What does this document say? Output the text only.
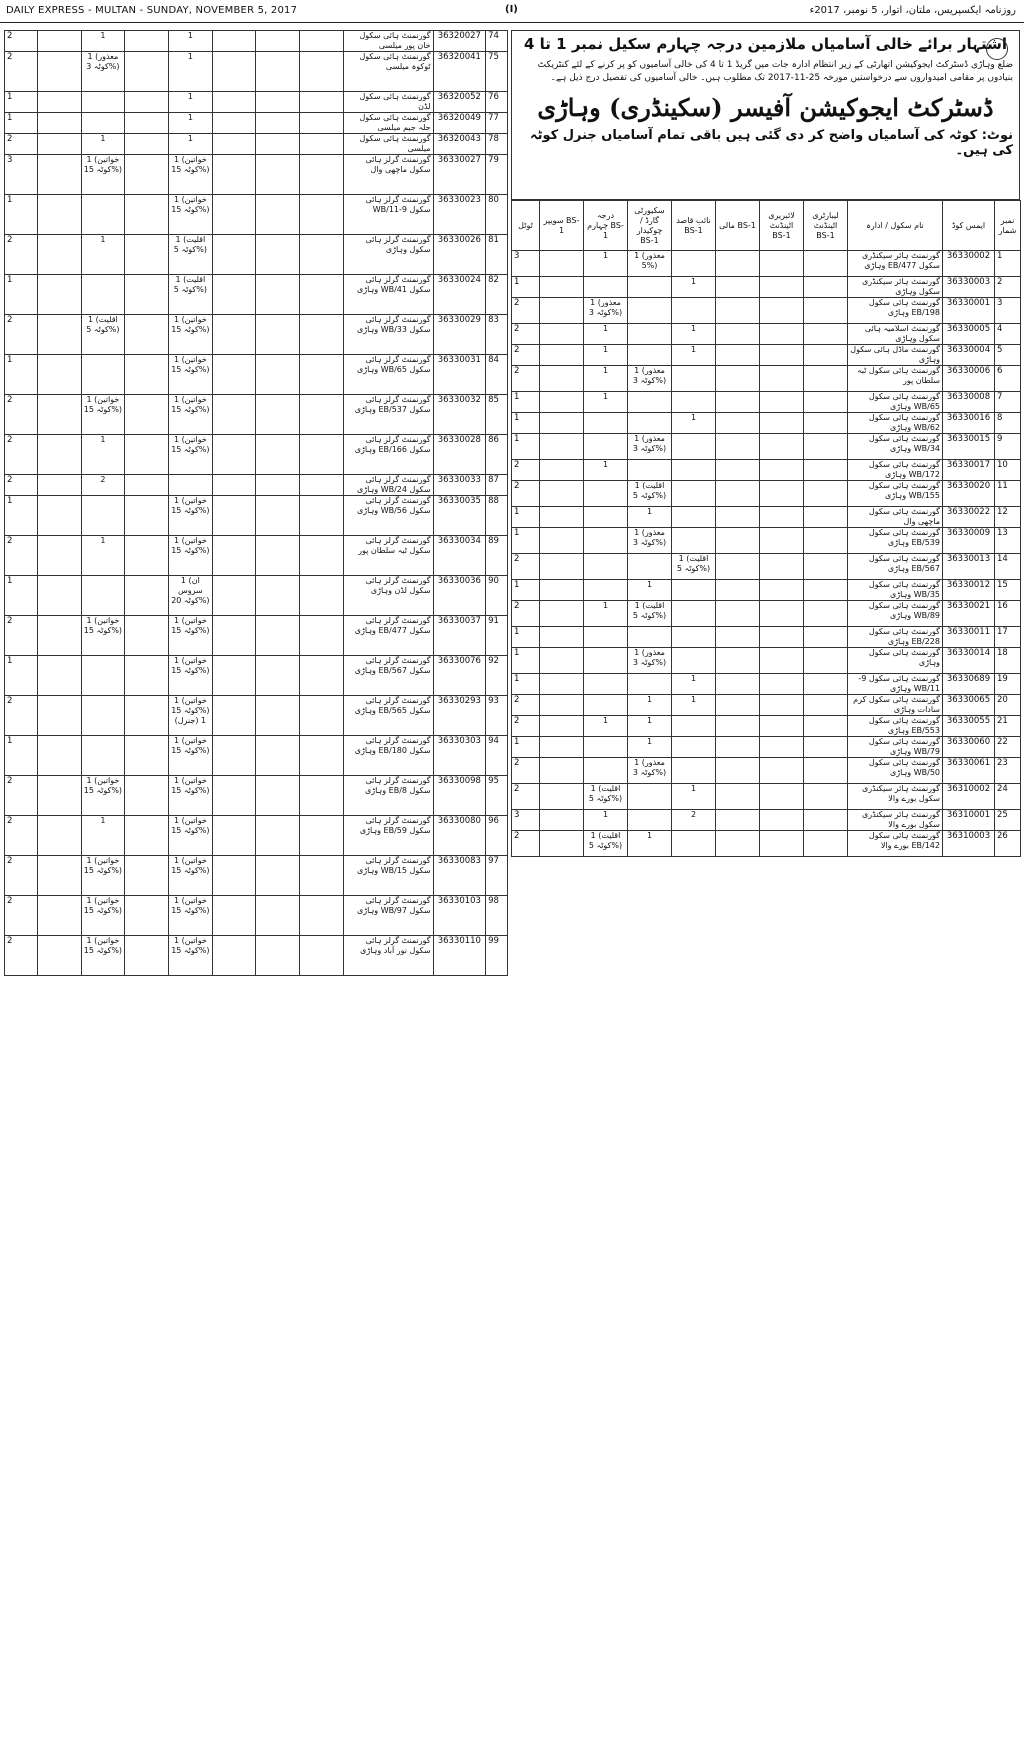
DAILY EXPRESS - MULTAN - SUNDAY, NOVEMBER 5, 2017	(I)	روزنامہ ایکسپریس، ملتان، اتوار، 5 نومبر، 2017ء
2		1		1				گورنمنٹ ہائی سکول خان پور میلسی	36320027	74
2		1 (معذور کوٹہ 3%)		1				گورنمنٹ ہائی سکول ٹوکوہ میلسی	36320041	75
1				1				گورنمنٹ ہائی سکول لڈن	36320052	76
1				1				گورنمنٹ ہائی سکول جلہ جیم میلسی	36320049	77
2		1		1				گورنمنٹ ہائی سکول میلسی	36320043	78
3		1 (خواتین کوٹہ 15%)		1 (خواتین کوٹہ 15%)				گورنمنٹ گرلز ہائی سکول ماچھی وال	36330027	79
1				1 (خواتین کوٹہ 15%)				گورنمنٹ گرلز ہائی سکول 9-11/WB	36330023	80
2		1		1 (اقلیت کوٹہ 5%)				گورنمنٹ گرلز ہائی سکول وہاڑی	36330026	81
1				1 (اقلیت کوٹہ 5%)				گورنمنٹ گرلز ہائی سکول 41/WB وہاڑی	36330024	82
2		1 (اقلیت کوٹہ 5%)		1 (خواتین کوٹہ 15%)				گورنمنٹ گرلز ہائی سکول 33/WB وہاڑی	36330029	83
1				1 (خواتین کوٹہ 15%)				گورنمنٹ گرلز ہائی سکول 65/WB وہاڑی	36330031	84
2		1 (خواتین کوٹہ 15%)		1 (خواتین کوٹہ 15%)				گورنمنٹ گرلز ہائی سکول 537/EB وہاڑی	36330032	85
2		1		1 (خواتین کوٹہ 15%)				گورنمنٹ گرلز ہائی سکول 166/EB وہاڑی	36330028	86
2		2						گورنمنٹ گرلز ہائی سکول 24/WB وہاڑی	36330033	87
1				1 (خواتین کوٹہ 15%)				گورنمنٹ گرلز ہائی سکول 56/WB وہاڑی	36330035	88
2		1		1 (خواتین کوٹہ 15%)				گورنمنٹ گرلز ہائی سکول ٹبہ سلطان پور	36330034	89
1				1 (ان سروس کوٹہ 20%)				گورنمنٹ گرلز ہائی سکول لڈن وہاڑی	36330036	90
2		1 (خواتین کوٹہ 15%)		1 (خواتین کوٹہ 15%)				گورنمنٹ گرلز ہائی سکول 477/EB وہاڑی	36330037	91
1				1 (خواتین کوٹہ 15%)				گورنمنٹ گرلز ہائی سکول 567/EB وہاڑی	36330076	92
2				1 (خواتین کوٹہ 15%) 1 (جنرل)				گورنمنٹ گرلز ہائی سکول 565/EB وہاڑی	36330293	93
1				1 (خواتین کوٹہ 15%)				گورنمنٹ گرلز ہائی سکول 180/EB وہاڑی	36330303	94
2		1 (خواتین کوٹہ 15%)		1 (خواتین کوٹہ 15%)				گورنمنٹ گرلز ہائی سکول 8/EB وہاڑی	36330098	95
2		1		1 (خواتین کوٹہ 15%)				گورنمنٹ گرلز ہائی سکول 59/EB وہاڑی	36330080	96
2		1 (خواتین کوٹہ 15%)		1 (خواتین کوٹہ 15%)				گورنمنٹ گرلز ہائی سکول 15/WB وہاڑی	36330083	97
2		1 (خواتین کوٹہ 15%)		1 (خواتین کوٹہ 15%)				گورنمنٹ گرلز ہائی سکول 97/WB وہاڑی	36330103	98
2		1 (خواتین کوٹہ 15%)		1 (خواتین کوٹہ 15%)				گورنمنٹ گرلز ہائی سکول نور آباد وہاڑی	36330110	99

اشتہار برائے خالی آسامیاں ملازمین درجہ چہارم سکیل نمبر 1 تا 4

ضلع وہاڑی ڈسٹرکٹ ایجوکیشن اتھارٹی کے زیر انتظام ادارہ جات میں گریڈ 1 تا 4 کی خالی آسامیوں کو پر کرنے کے لئے کنٹریکٹ بنیادوں پر مقامی امیدواروں سے درخواستیں مورخہ 25-11-2017 تک مطلوب ہیں۔ خالی آسامیوں کی تفصیل درج ذیل ہے۔

ڈسٹرکٹ ایجوکیشن آفیسر (سکینڈری) وہاڑی

نوٹ: کوٹہ کی آسامیاں واضح کر دی گئی ہیں باقی تمام آسامیاں جنرل کوٹہ کی ہیں۔

ٹوٹل	سویپر BS-1	درجہ چہارم BS-1	سکیورٹی گارڈ / چوکیدار BS-1	نائب قاصد BS-1	مالی BS-1	لائبریری اٹینڈنٹ BS-1	لیبارٹری اٹینڈنٹ BS-1	نام سکول / ادارہ	ایمس کوڈ	نمبر شمار
3		1	1 (معذور 5%)					گورنمنٹ ہائر سیکنڈری سکول 477/EB وہاڑی	36330002	1
1				1				گورنمنٹ ہائر سیکنڈری سکول وہاڑی	36330003	2
2		1 (معذور کوٹہ 3%)						گورنمنٹ ہائی سکول 198/EB وہاڑی	36330001	3
2		1		1				گورنمنٹ اسلامیہ ہائی سکول وہاڑی	36330005	4
2		1		1				گورنمنٹ ماڈل ہائی سکول وہاڑی	36330004	5
2		1	1 (معذور کوٹہ 3%)					گورنمنٹ ہائی سکول ٹبہ سلطان پور	36330006	6
1		1						گورنمنٹ ہائی سکول 65/WB وہاڑی	36330008	7
1				1				گورنمنٹ ہائی سکول 62/WB وہاڑی	36330016	8
1			1 (معذور کوٹہ 3%)					گورنمنٹ ہائی سکول 34/WB وہاڑی	36330015	9
2		1						گورنمنٹ ہائی سکول 172/WB وہاڑی	36330017	10
2			1 (اقلیت کوٹہ 5%)					گورنمنٹ ہائی سکول 155/WB وہاڑی	36330020	11
1			1					گورنمنٹ ہائی سکول ماچھی وال	36330022	12
1			1 (معذور کوٹہ 3%)					گورنمنٹ ہائی سکول 539/EB وہاڑی	36330009	13
2				1 (اقلیت کوٹہ 5%)				گورنمنٹ ہائی سکول 567/EB وہاڑی	36330013	14
1			1					گورنمنٹ ہائی سکول 35/WB وہاڑی	36330012	15
2		1	1 (اقلیت کوٹہ 5%)					گورنمنٹ ہائی سکول 89/WB وہاڑی	36330021	16
1								گورنمنٹ ہائی سکول 228/EB وہاڑی	36330011	17
1			1 (معذور کوٹہ 3%)					گورنمنٹ ہائی سکول وہاڑی	36330014	18
1				1				گورنمنٹ ہائی سکول 9-11/WB وہاڑی	36330689	19
2			1	1				گورنمنٹ ہائی سکول کرم سادات وہاڑی	36330065	20
2		1	1					گورنمنٹ ہائی سکول 553/EB وہاڑی	36330055	21
1			1					گورنمنٹ ہائی سکول 79/WB وہاڑی	36330060	22
2			1 (معذور کوٹہ 3%)					گورنمنٹ ہائی سکول 50/WB وہاڑی	36330061	23
2		1 (اقلیت کوٹہ 5%)		1				گورنمنٹ ہائر سیکنڈری سکول بورے والا	36310002	24
3		1		2				گورنمنٹ ہائر سیکنڈری سکول بورے والا	36310001	25
2		1 (اقلیت کوٹہ 5%)	1					گورنمنٹ ہائی سکول 142/EB بورے والا	36310003	26
